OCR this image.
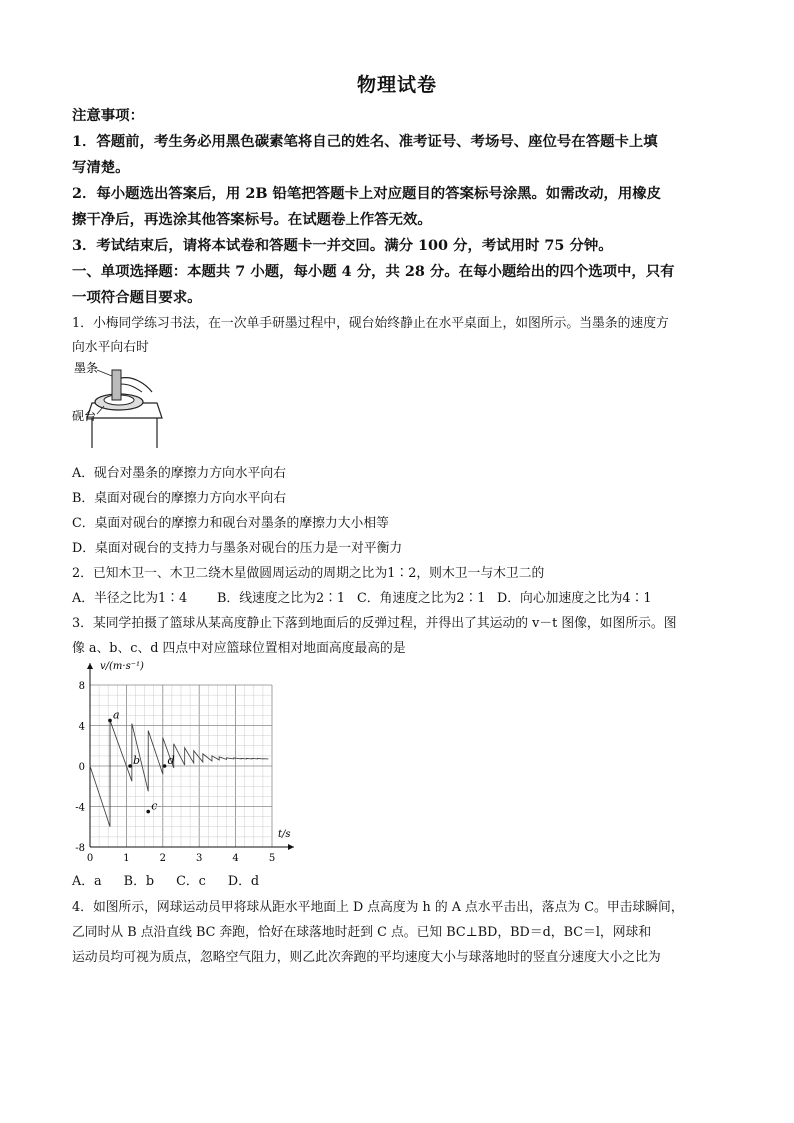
物理试卷
注意事项：
1．答题前，考生务必用黑色碳素笔将自己的姓名、准考证号、考场号、座位号在答题卡上填
写清楚。
2．每小题选出答案后，用 2B 铅笔把答题卡上对应题目的答案标号涂黑。如需改动，用橡皮
擦干净后，再选涂其他答案标号。在试题卷上作答无效。
3．考试结束后，请将本试卷和答题卡一并交回。满分 100 分，考试用时 75 分钟。
一、单项选择题：本题共 7 小题，每小题 4 分，共 28 分。在每小题给出的四个选项中，只有
一项符合题目要求。
1．小梅同学练习书法，在一次单手研墨过程中，砚台始终静止在水平桌面上，如图所示。当墨条的速度方
向水平向右时
墨条
砚台
A．砚台对墨条的摩擦力方向水平向右
B．桌面对砚台的摩擦力方向水平向右
C．桌面对砚台的摩擦力和砚台对墨条的摩擦力大小相等
D．桌面对砚台的支持力与墨条对砚台的压力是一对平衡力
2．已知木卫一、木卫二绕木星做圆周运动的周期之比为1∶2，则木卫一与木卫二的
A．半径之比为1∶4 B．线速度之比为2∶1 C．角速度之比为2∶1 D．向心加速度之比为4∶1
3．某同学拍摄了篮球从某高度静止下落到地面后的反弹过程，并得出了其运动的 v－t 图像，如图所示。图
像 a、b、c、d 四点中对应篮球位置相对地面高度最高的是
0	1	2	3	4	5
8
4
0
-4
-8
a
b
c
d
v/(m·s⁻¹)
t/s
A．a B．b C．c D．d
4．如图所示，网球运动员甲将球从距水平地面上 D 点高度为 h 的 A 点水平击出，落点为 C。甲击球瞬间，
乙同时从 B 点沿直线 BC 奔跑，恰好在球落地时赶到 C 点。已知 BC⊥BD，BD＝d，BC＝l，网球和
运动员均可视为质点，忽略空气阻力，则乙此次奔跑的平均速度大小与球落地时的竖直分速度大小之比为
